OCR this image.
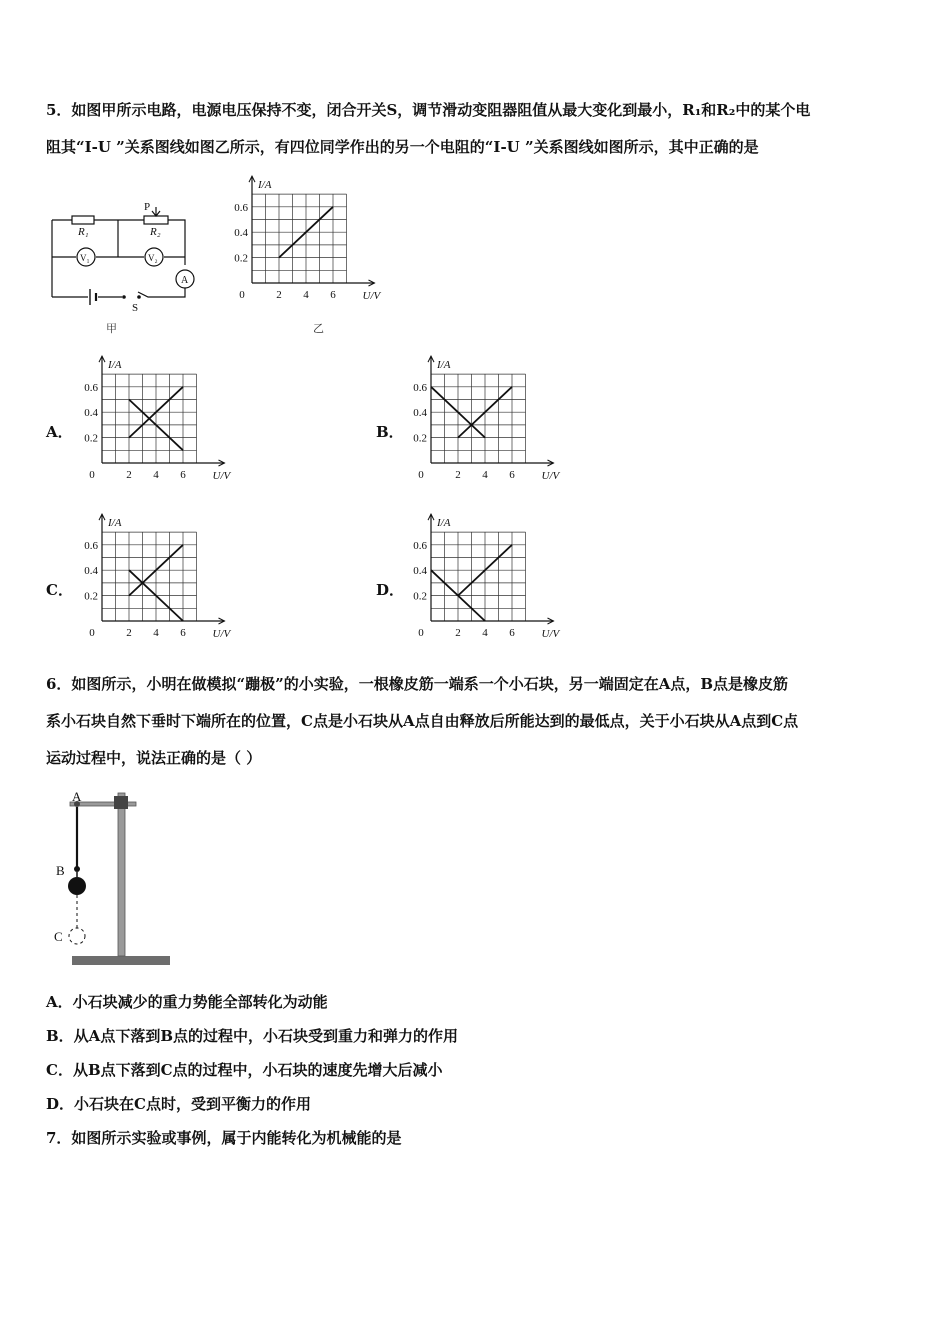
5．如图甲所示电路，电源电压保持不变，闭合开关S，调节滑动变阻器阻值从最大变化到最小，R₁和R₂中的某个电
阻其“I-U ”关系图线如图乙所示，有四位同学作出的另一个电阻的“I-U ”关系图线如图所示，其中正确的是
R₁	R₂
P
V₁	V₂
A
S
甲
2 4 6
0.2
0.4
0.6
0	U/V
I/A
乙
A．
2 4 6
0.2
0.4
0.6
0	U/V
I/A
B．
2 4 6
0.2
0.4
0.6
0	U/V
I/A
C．
2 4 6
0.2
0.4
0.6
0	U/V
I/A
D．
2 4 6
0.2
0.4
0.6
0	U/V
I/A
6．如图所示，小明在做模拟“蹦极”的小实验，一根橡皮筋一端系一个小石块，另一端固定在A点，B点是橡皮筋
系小石块自然下垂时下端所在的位置，C点是小石块从A点自由释放后所能达到的最低点，关于小石块从A点到C点
运动过程中，说法正确的是（ ）
A
B
C
A．小石块减少的重力势能全部转化为动能
B．从A点下落到B点的过程中，小石块受到重力和弹力的作用
C．从B点下落到C点的过程中，小石块的速度先增大后减小
D．小石块在C点时，受到平衡力的作用
7．如图所示实验或事例，属于内能转化为机械能的是
